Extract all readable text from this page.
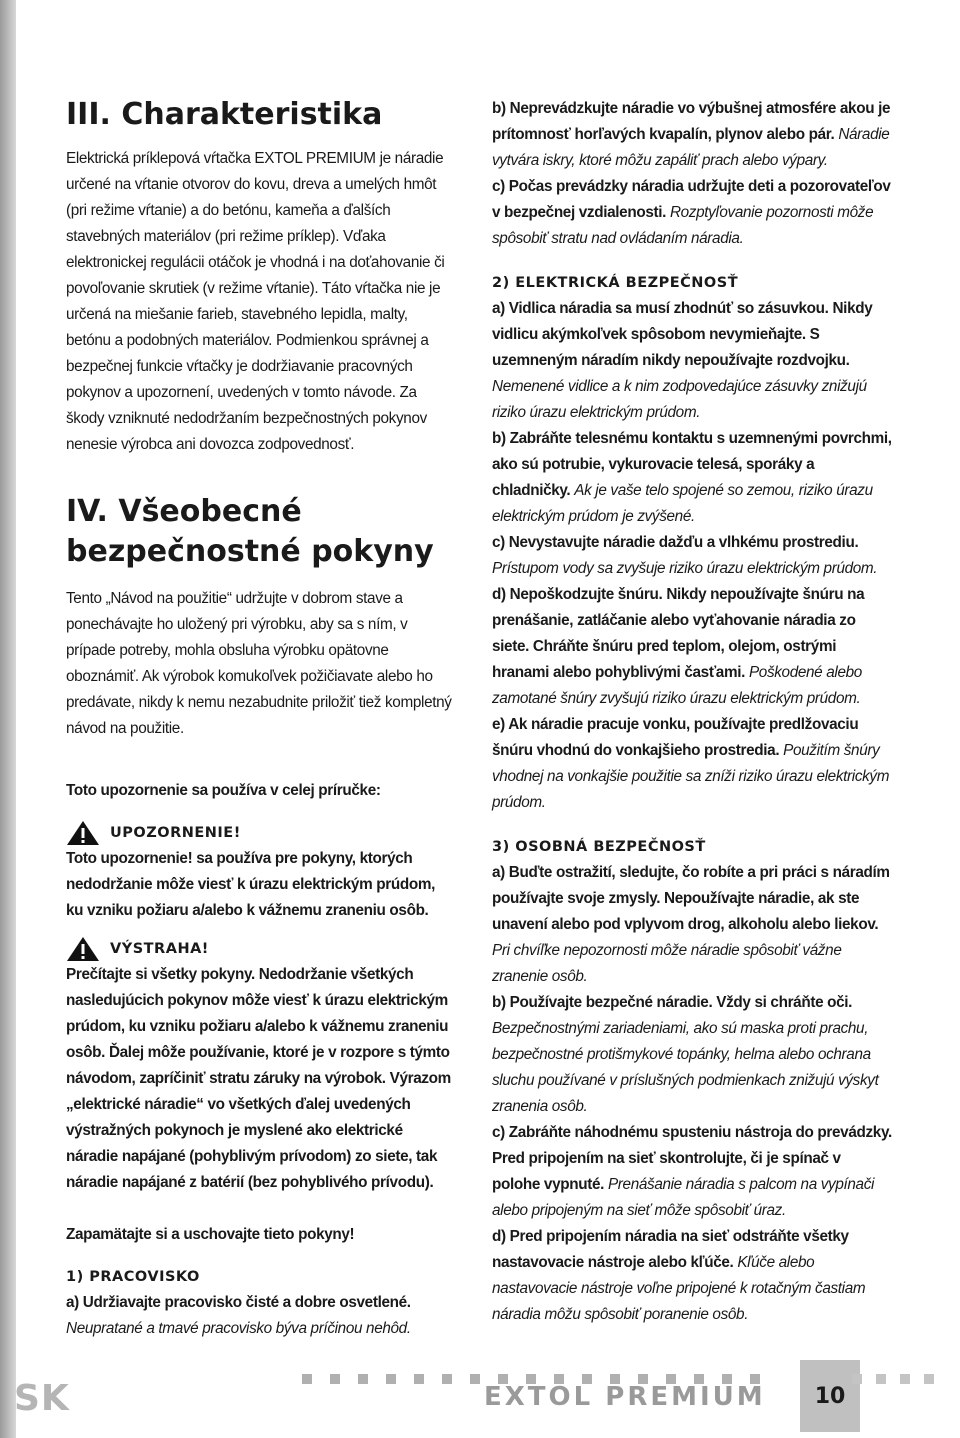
III. Charakteristika

Elektrická príklepová vŕtačka EXTOL PREMIUM je náradie určené na vŕtanie otvorov do kovu, dreva a umelých hmôt (pri režime vŕtanie) a do betónu, kameňa a ďalších stavebných materiálov (pri režime príklep). Vďaka elektronickej regulácii otáčok je vhodná i na doťahovanie či povoľovanie skrutiek (v režime vŕtanie). Táto vŕtačka nie je určená na miešanie farieb, stavebného lepidla, malty, betónu a podobných materiálov. Podmienkou správnej a bezpečnej funkcie vŕtačky je dodržiavanie pracovných pokynov a upozornení, uvedených v tomto návode. Za škody vzniknuté nedodržaním bezpečnostných pokynov nenesie výrobca ani dovozca zodpovednosť.

IV. Všeobecné bezpečnostné pokyny

Tento „Návod na použitie“ udržujte v dobrom stave a ponechávajte ho uložený pri výrobku, aby sa s ním, v prípade potreby, mohla obsluha výrobku opätovne oboznámiť. Ak výrobok komukoľvek požičiavate alebo ho predávate, nikdy k nemu nezabudnite priložiť tiež kompletný návod na použitie.

Toto upozornenie sa používa v celej príručke:

UPOZORNENIE!

Toto upozornenie! sa používa pre pokyny, ktorých nedodržanie môže viesť k úrazu elektrickým prúdom, ku vzniku požiaru a/alebo k vážnemu zraneniu osôb.

VÝSTRAHA!

Prečítajte si všetky pokyny. Nedodržanie všetkých nasledujúcich pokynov môže viesť k úrazu elektrickým prúdom, ku vzniku požiaru a/alebo k vážnemu zraneniu osôb. Ďalej môže používanie, ktoré je v rozpore s týmto návodom, zapríčiniť stratu záruky na výrobok. Výrazom „elektrické náradie“ vo všetkých ďalej uvedených výstražných pokynoch je myslené ako elektrické náradie napájané (pohyblivým prívodom) zo siete, tak náradie napájané z batérií (bez pohyblivého prívodu).

Zapamätajte si a uschovajte tieto pokyny!

1) PRACOVISKO

a) Udržiavajte pracovisko čisté a dobre osvetlené. Neupratané a tmavé pracovisko býva príčinou nehôd.

b) Neprevádzkujte náradie vo výbušnej atmosfére akou je prítomnosť horľavých kvapalín, plynov alebo pár. Náradie vytvára iskry, ktoré môžu zapáliť prach alebo výpary.

c) Počas prevádzky náradia udržujte deti a pozorovateľov v bezpečnej vzdialenosti. Rozptyľovanie pozornosti môže spôsobiť stratu nad ovládaním náradia.

2) ELEKTRICKÁ BEZPEČNOSŤ

a) Vidlica náradia sa musí zhodnúť so zásuvkou. Nikdy vidlicu akýmkoľvek spôsobom nevymieňajte. S uzemneným náradím nikdy nepoužívajte rozdvojku. Nemenené vidlice a k nim zodpovedajúce zásuvky znižujú riziko úrazu elektrickým prúdom.

b) Zabráňte telesnému kontaktu s uzemnenými povrchmi, ako sú potrubie, vykurovacie telesá, sporáky a chladničky. Ak je vaše telo spojené so zemou, riziko úrazu elektrickým prúdom je zvýšené.

c) Nevystavujte náradie dažďu a vlhkému prostrediu. Prístupom vody sa zvyšuje riziko úrazu elektrickým prúdom.

d) Nepoškodzujte šnúru. Nikdy nepoužívajte šnúru na prenášanie, zatláčanie alebo vyťahovanie náradia zo siete. Chráňte šnúru pred teplom, olejom, ostrými hranami alebo pohyblivými časťami. Poškodené alebo zamotané šnúry zvyšujú riziko úrazu elektrickým prúdom.

e) Ak náradie pracuje vonku, používajte predlžovaciu šnúru vhodnú do vonkajšieho prostredia. Použitím šnúry vhodnej na vonkajšie použitie sa zníži riziko úrazu elektrickým prúdom.

3) OSOBNÁ BEZPEČNOSŤ

a) Buďte ostražití, sledujte, čo robíte a pri práci s náradím používajte svoje zmysly. Nepoužívajte náradie, ak ste unavení alebo pod vplyvom drog, alkoholu alebo liekov. Pri chvíľke nepozornosti môže náradie spôsobiť vážne zranenie osôb.

b) Používajte bezpečné náradie. Vždy si chráňte oči. Bezpečnostnými zariadeniami, ako sú maska proti prachu, bezpečnostné protišmykové topánky, helma alebo ochrana sluchu používané v príslušných podmienkach znižujú výskyt zranenia osôb.

c) Zabráňte náhodnému spusteniu nástroja do prevádzky. Pred pripojením na sieť skontrolujte, či je spínač v polohe vypnuté. Prenášanie náradia s palcom na vypínači alebo pripojeným na sieť môže spôsobiť úraz.

d) Pred pripojením náradia na sieť odstráňte všetky nastavovacie nástroje alebo kľúče. Kľúče alebo nastavovacie nástroje voľne pripojené k rotačným častiam náradia môžu spôsobiť poranenie osôb.

SK	EXTOL PREMIUM	10
